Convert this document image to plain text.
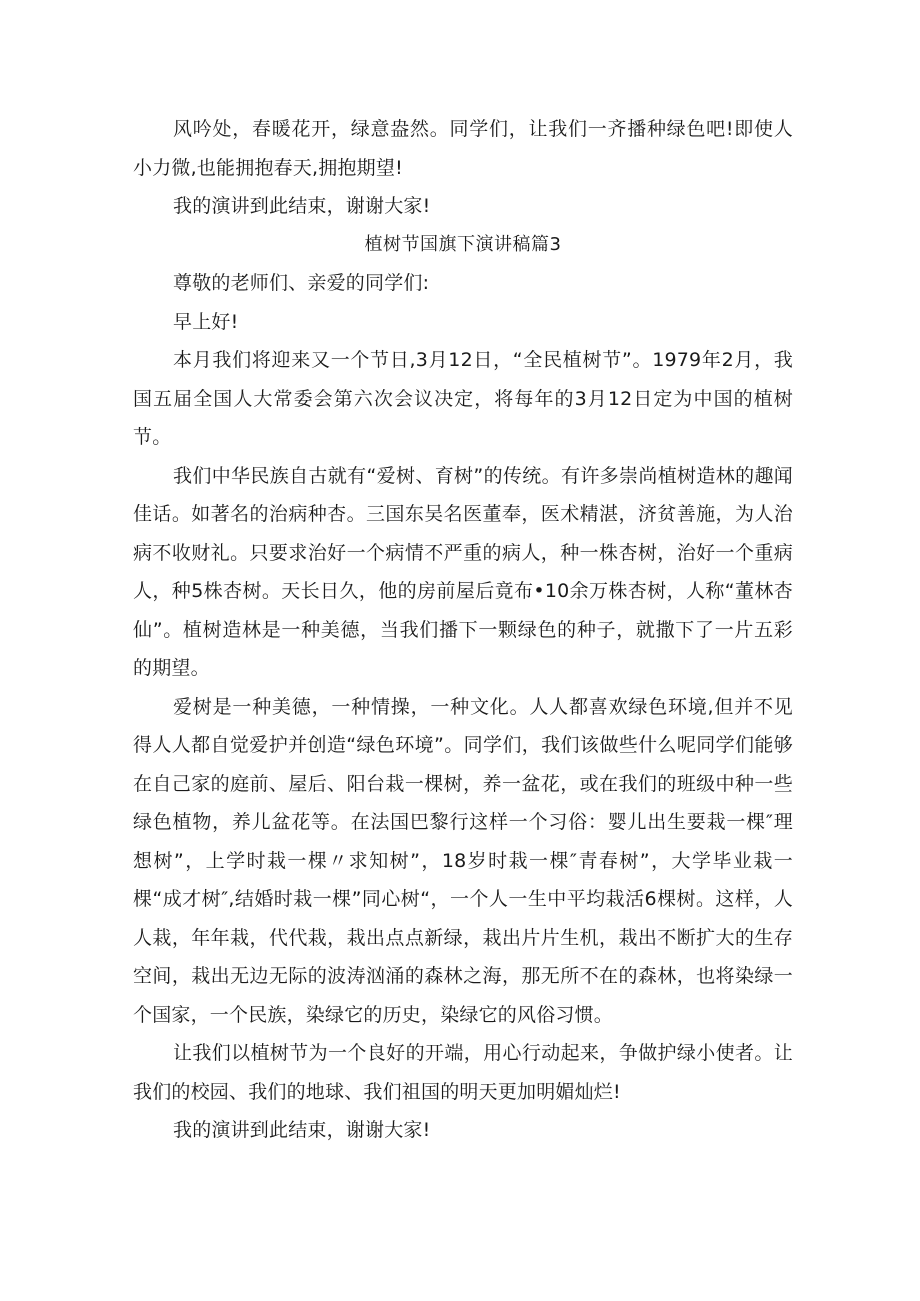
风吟处，春暖花开，绿意盎然。同学们，让我们一齐播种绿色吧!即使人小力微,也能拥抱春天,拥抱期望!

我的演讲到此结束，谢谢大家!

植树节国旗下演讲稿篇3

尊敬的老师们、亲爱的同学们:

早上好!

本月我们将迎来又一个节日,3月12日，“全民植树节”。1979年2月，我国五届全国人大常委会第六次会议决定，将每年的3月12日定为中国的植树节。

我们中华民族自古就有“爱树、育树”的传统。有许多崇尚植树造林的趣闻佳话。如著名的治病种杏。三国东吴名医董奉，医术精湛，济贫善施，为人治病不收财礼。只要求治好一个病情不严重的病人，种一株杏树，治好一个重病人，种5株杏树。天长日久，他的房前屋后竟布•10余万株杏树，人称“董林杏仙”。植树造林是一种美德，当我们播下一颗绿色的种子，就撒下了一片五彩的期望。

爱树是一种美德，一种情操，一种文化。人人都喜欢绿色环境,但并不见得人人都自觉爱护并创造“绿色环境”。同学们，我们该做些什么呢同学们能够在自己家的庭前、屋后、阳台栽一棵树，养一盆花，或在我们的班级中种一些绿色植物，养儿盆花等。在法国巴黎行这样一个习俗：婴儿出生要栽一棵″理想树”，上学时栽一棵〃求知树”，18岁时栽一棵″青春树”，大学毕业栽一棵“成才树″,结婚时栽一棵”同心树“，一个人一生中平均栽活6棵树。这样，人人栽，年年栽，代代栽，栽出点点新绿，栽出片片生机，栽出不断扩大的生存空间，栽出无边无际的波涛汹涌的森林之海，那无所不在的森林，也将染绿一个国家，一个民族，染绿它的历史，染绿它的风俗习惯。

让我们以植树节为一个良好的开端，用心行动起来，争做护绿小使者。让我们的校园、我们的地球、我们祖国的明天更加明媚灿烂!

我的演讲到此结束，谢谢大家!
